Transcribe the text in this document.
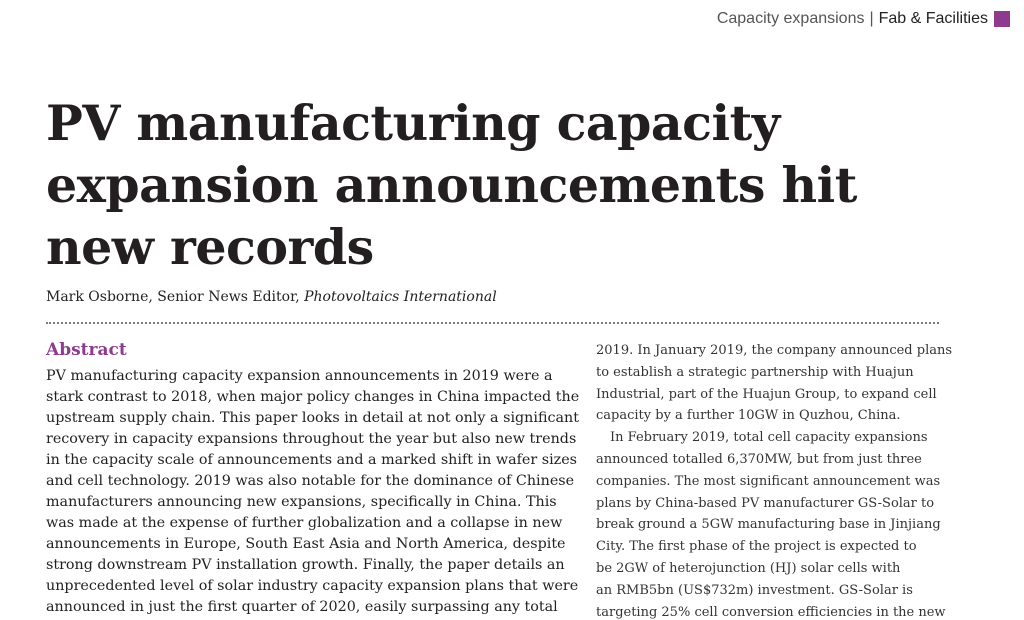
Capacity expansions | Fab & Facilities
PV manufacturing capacity expansion announcements hit new records
Mark Osborne, Senior News Editor, Photovoltaics International
Abstract
PV manufacturing capacity expansion announcements in 2019 were a
stark contrast to 2018, when major policy changes in China impacted the
upstream supply chain. This paper looks in detail at not only a significant
recovery in capacity expansions throughout the year but also new trends
in the capacity scale of announcements and a marked shift in wafer sizes
and cell technology. 2019 was also notable for the dominance of Chinese
manufacturers announcing new expansions, specifically in China. This
was made at the expense of further globalization and a collapse in new
announcements in Europe, South East Asia and North America, despite
strong downstream PV installation growth. Finally, the paper details an
unprecedented level of solar industry capacity expansion plans that were
announced in just the first quarter of 2020, easily surpassing any total
2019. In January 2019, the company announced plans
to establish a strategic partnership with Huajun
Industrial, part of the Huajun Group, to expand cell
capacity by a further 10GW in Quzhou, China.
In February 2019, total cell capacity expansions
announced totalled 6,370MW, but from just three
companies. The most significant announcement was
plans by China-based PV manufacturer GS-Solar to
break ground a 5GW manufacturing base in Jinjiang
City. The first phase of the project is expected to
be 2GW of heterojunction (HJ) solar cells with
an RMB5bn (US$732m) investment. GS-Solar is
targeting 25% cell conversion efficiencies in the new
